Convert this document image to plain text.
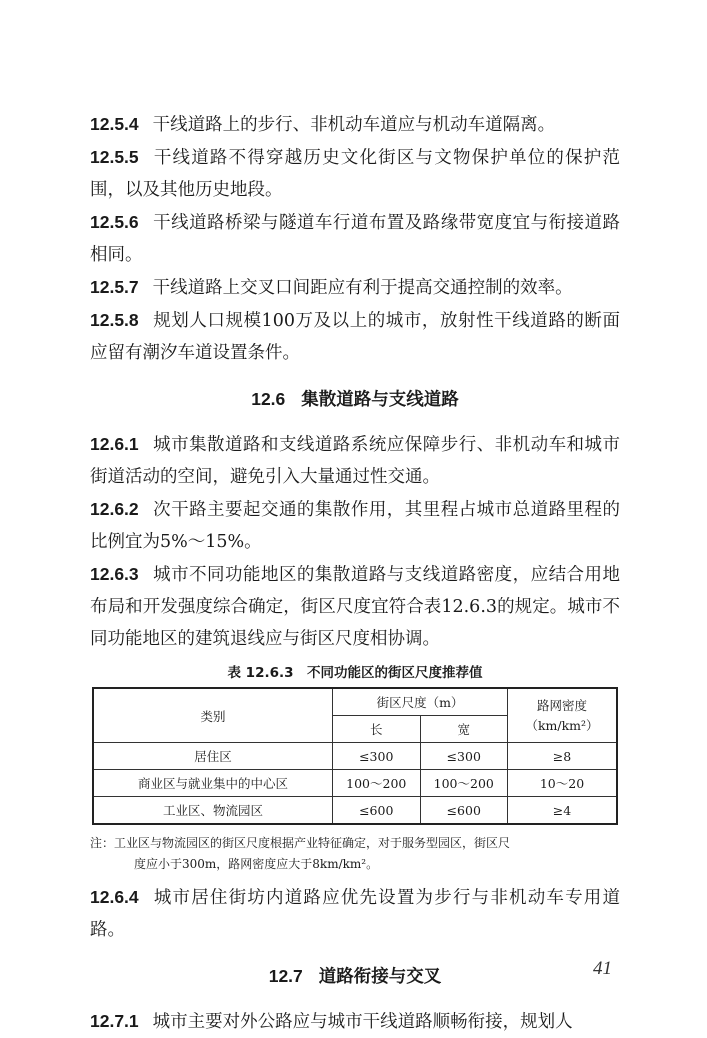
12.5.4 干线道路上的步行、非机动车道应与机动车道隔离。

12.5.5 干线道路不得穿越历史文化街区与文物保护单位的保护范围，以及其他历史地段。

12.5.6 干线道路桥梁与隧道车行道布置及路缘带宽度宜与衔接道路相同。

12.5.7 干线道路上交叉口间距应有利于提高交通控制的效率。

12.5.8 规划人口规模100万及以上的城市，放射性干线道路的断面应留有潮汐车道设置条件。

12.6 集散道路与支线道路

12.6.1 城市集散道路和支线道路系统应保障步行、非机动车和城市街道活动的空间，避免引入大量通过性交通。

12.6.2 次干路主要起交通的集散作用，其里程占城市总道路里程的比例宜为5%～15%。

12.6.3 城市不同功能地区的集散道路与支线道路密度，应结合用地布局和开发强度综合确定，街区尺度宜符合表12.6.3的规定。城市不同功能地区的建筑退线应与街区尺度相协调。

表 12.6.3　不同功能区的街区尺度推荐值
类别	街区尺度（m）		路网密度
（km/km²）

	长	宽	
居住区	≤300	≤300	≥8
商业区与就业集中的中心区	100～200	100～200	10～20
工业区、物流园区	≤600	≤600	≥4
注：工业区与物流园区的街区尺度根据产业特征确定，对于服务型园区，街区尺
度应小于300m，路网密度应大于8km/km²。

12.6.4 城市居住街坊内道路应优先设置为步行与非机动车专用道路。

12.7 道路衔接与交叉

12.7.1 城市主要对外公路应与城市干线道路顺畅衔接，规划人

41
